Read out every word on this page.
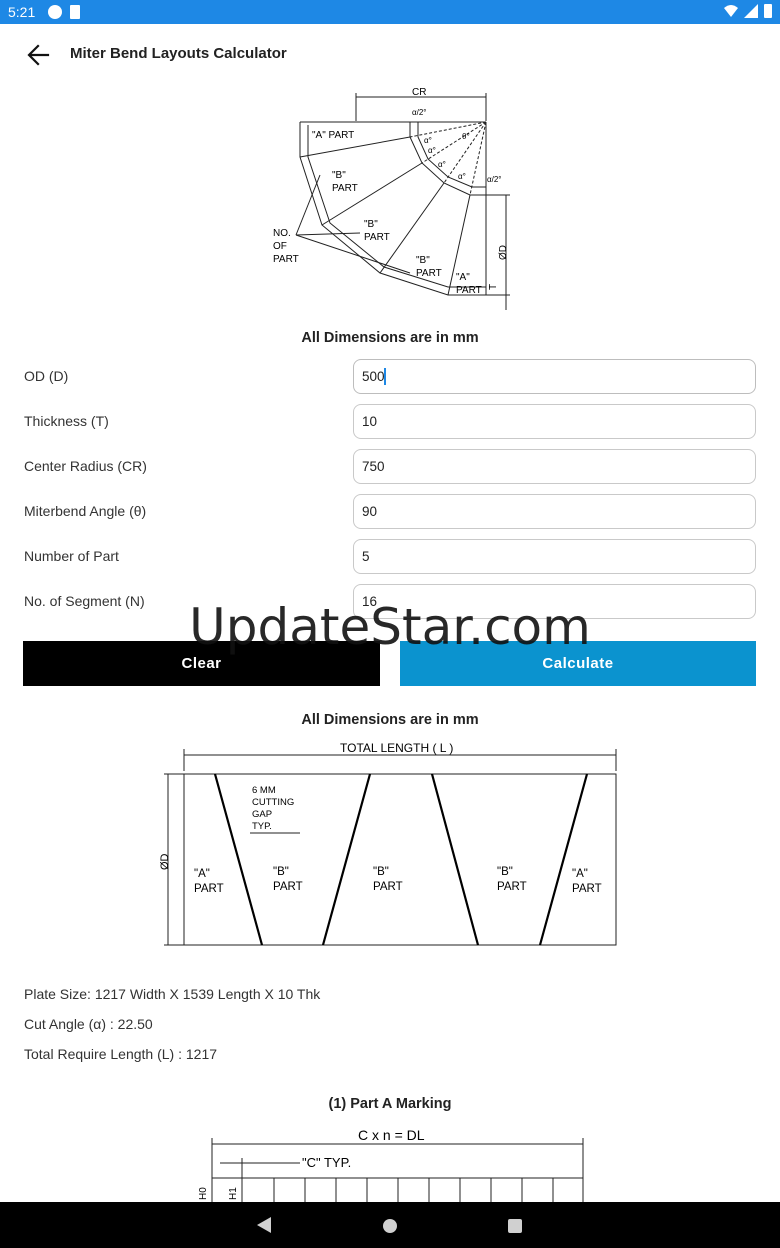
5:21
Miter Bend Layouts Calculator
CR
α/2°
α°	θ°
α°
α°
α°
α/2°
"A" PART
"B"
PART
"B"
PART
"B"
PART "A"
PART
NO.
OF
PART	ØD
T
All Dimensions are in mm
OD (D)
500
Thickness (T)
10
Center Radius (CR)
750
Miterbend Angle (θ)
90
Number of Part
5
No. of Segment (N)
16
Clear	Calculate
UpdateStar.com
All Dimensions are in mm
TOTAL LENGTH ( L )
ØD
6 MM
CUTTING
GAP
TYP.
"A"
PART
"B"
PART
"B"
PART
"B"
PART
"A"
PART
Plate Size: 1217 Width X 1539 Length X 10 Thk
Cut Angle (α) : 22.50
Total Require Length (L) : 1217
(1) Part A Marking
C x n = DL
"C" TYP.
H0 H1
